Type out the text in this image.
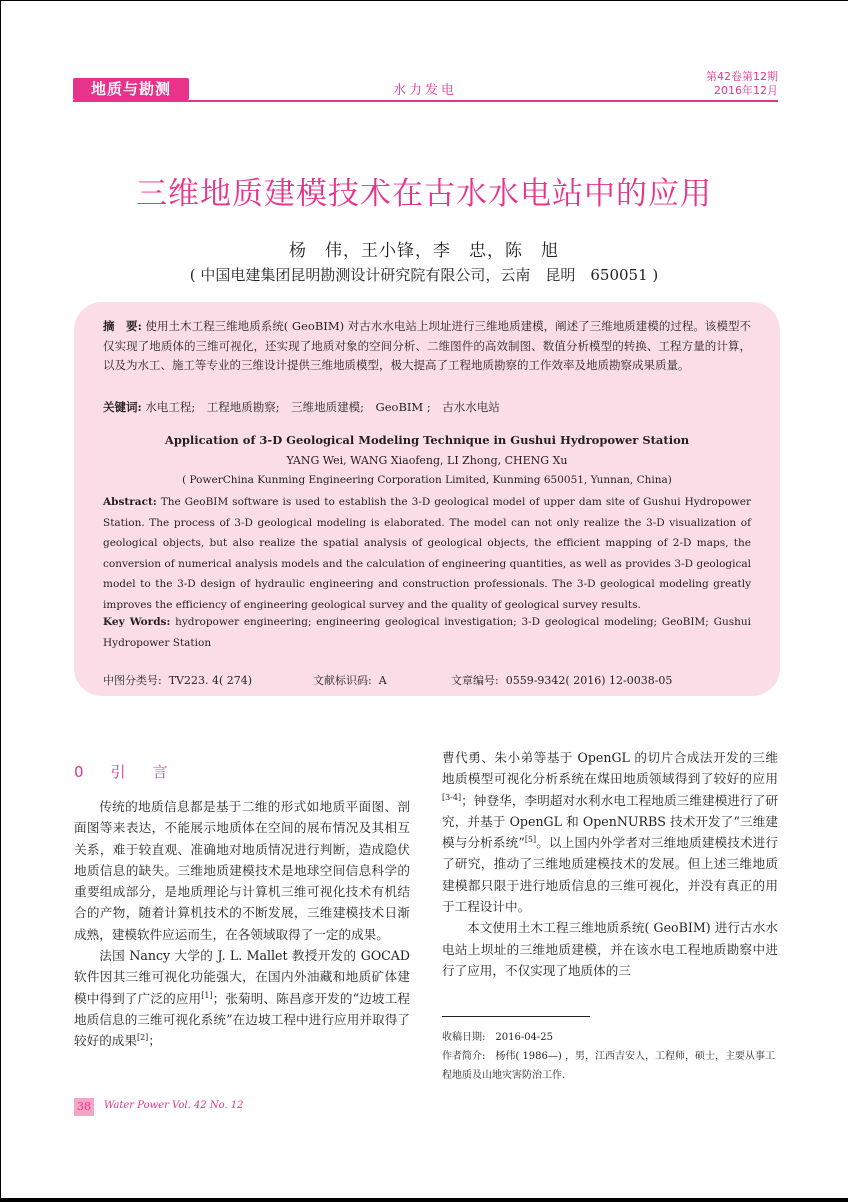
地质与勘测	水力发电
第42卷第12期
2016年12月
三维地质建模技术在古水水电站中的应用
杨　伟，王小锋，李　忠，陈　旭
( 中国电建集团昆明勘测设计研究院有限公司，云南　昆明　650051 )
摘　要: 使用土木工程三维地质系统( GeoBIM) 对古水水电站上坝址进行三维地质建模，阐述了三维地质建模的过程。该模型不仅实现了地质体的三维可视化，还实现了地质对象的空间分析、二维图件的高效制图、数值分析模型的转换、工程方量的计算，以及为水工、施工等专业的三维设计提供三维地质模型，极大提高了工程地质勘察的工作效率及地质勘察成果质量。
关键词: 水电工程;　工程地质勘察;　三维地质建模;　GeoBIM ;　古水水电站
Application of 3-D Geological Modeling Technique in Gushui Hydropower Station
YANG Wei, WANG Xiaofeng, LI Zhong, CHENG Xu
( PowerChina Kunming Engineering Corporation Limited, Kunming 650051, Yunnan, China)
Abstract: The GeoBIM software is used to establish the 3-D geological model of upper dam site of Gushui Hydropower Station. The process of 3-D geological modeling is elaborated. The model can not only realize the 3-D visualization of geological objects, but also realize the spatial analysis of geological objects, the efficient mapping of 2-D maps, the conversion of numerical analysis models and the calculation of engineering quantities, as well as provides 3-D geological model to the 3-D design of hydraulic engineering and construction professionals. The 3-D geological modeling greatly improves the efficiency of engineering geological survey and the quality of geological survey results.
Key Words: hydropower engineering; engineering geological investigation; 3-D geological modeling; GeoBIM; Gushui Hydropower Station
中图分类号: TV223. 4( 274)	文献标识码: A	文章编号: 0559-9342( 2016) 12-0038-05
0　引　言

传统的地质信息都是基于二维的形式如地质平面图、剖面图等来表达，不能展示地质体在空间的展布情况及其相互关系，难于较直观、准确地对地质情况进行判断，造成隐伏地质信息的缺失。三维地质建模技术是地球空间信息科学的重要组成部分，是地质理论与计算机三维可视化技术有机结合的产物，随着计算机技术的不断发展，三维建模技术日渐成熟，建模软件应运而生，在各领域取得了一定的成果。

法国 Nancy 大学的 J. L. Mallet 教授开发的 GOCAD 软件因其三维可视化功能强大，在国内外油藏和地质矿体建模中得到了广泛的应用[1]；张菊明、陈昌彦开发的“边坡工程地质信息的三维可视化系统”在边坡工程中进行应用并取得了较好的成果[2]；

曹代勇、朱小弟等基于 OpenGL 的切片合成法开发的三维地质模型可视化分析系统在煤田地质领域得到了较好的应用[3-4]；钟登华，李明超对水利水电工程地质三维建模进行了研究，并基于 OpenGL 和 OpenNURBS 技术开发了“三维建模与分析系统”[5]。以上国内外学者对三维地质建模技术进行了研究，推动了三维地质建模技术的发展。但上述三维地质建模都只限于进行地质信息的三维可视化，并没有真正的用于工程设计中。

本文使用土木工程三维地质系统( GeoBIM) 进行古水水电站上坝址的三维地质建模，并在该水电工程地质勘察中进行了应用，不仅实现了地质体的三

收稿日期:　2016-04-25
作者简介:　杨伟( 1986—) ，男，江西吉安人，工程师，硕士，主要从事工程地质及山地灾害防治工作.
38	Water Power Vol. 42 No. 12
